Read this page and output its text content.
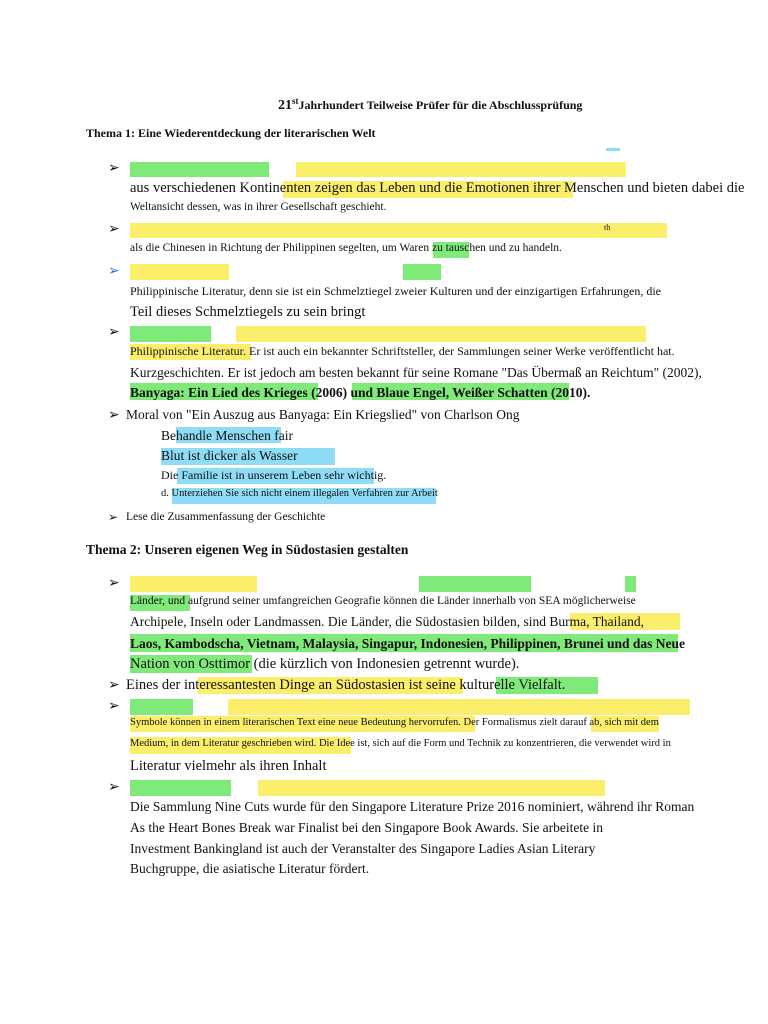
21stJahrhundert Teilweise Prüfer für die Abschlussprüfung
Thema 1: Eine Wiederentdeckung der literarischen Welt
➢
aus verschiedenen Kontinenten zeigen das Leben und die Emotionen ihrer Menschen und bieten dabei die
Weltansicht dessen, was in ihrer Gesellschaft geschieht.
➢	th
als die Chinesen in Richtung der Philippinen segelten, um Waren zu tauschen und zu handeln.
➢
Philippinische Literatur, denn sie ist ein Schmelztiegel zweier Kulturen und der einzigartigen Erfahrungen, die
Teil dieses Schmelztiegels zu sein bringt
➢
Philippinische Literatur. Er ist auch ein bekannter Schriftsteller, der Sammlungen seiner Werke veröffentlicht hat.
Kurzgeschichten. Er ist jedoch am besten bekannt für seine Romane "Das Übermaß an Reichtum" (2002),
Banyaga: Ein Lied des Krieges (2006) und Blaue Engel, Weißer Schatten (2010).
➢ Moral von "Ein Auszug aus Banyaga: Ein Kriegslied" von Charlson Ong
Behandle Menschen fair
Blut ist dicker als Wasser
Die Familie ist in unserem Leben sehr wichtig.
d. Unterziehen Sie sich nicht einem illegalen Verfahren zur Arbeit
➢ Lese die Zusammenfassung der Geschichte
Thema 2: Unseren eigenen Weg in Südostasien gestalten
➢
Länder, und aufgrund seiner umfangreichen Geografie können die Länder innerhalb von SEA möglicherweise
Archipele, Inseln oder Landmassen. Die Länder, die Südostasien bilden, sind Burma, Thailand,
Laos, Kambodscha, Vietnam, Malaysia, Singapur, Indonesien, Philippinen, Brunei und das Neue
Nation von Osttimor (die kürzlich von Indonesien getrennt wurde).
➢ Eines der interessantesten Dinge an Südostasien ist seine kulturelle Vielfalt.
➢
Symbole können in einem literarischen Text eine neue Bedeutung hervorrufen. Der Formalismus zielt darauf ab, sich mit dem
Medium, in dem Literatur geschrieben wird. Die Idee ist, sich auf die Form und Technik zu konzentrieren, die verwendet wird in
Literatur vielmehr als ihren Inhalt
➢
Die Sammlung Nine Cuts wurde für den Singapore Literature Prize 2016 nominiert, während ihr Roman
As the Heart Bones Break war Finalist bei den Singapore Book Awards. Sie arbeitete in
Investment Bankingland ist auch der Veranstalter des Singapore Ladies Asian Literary
Buchgruppe, die asiatische Literatur fördert.
